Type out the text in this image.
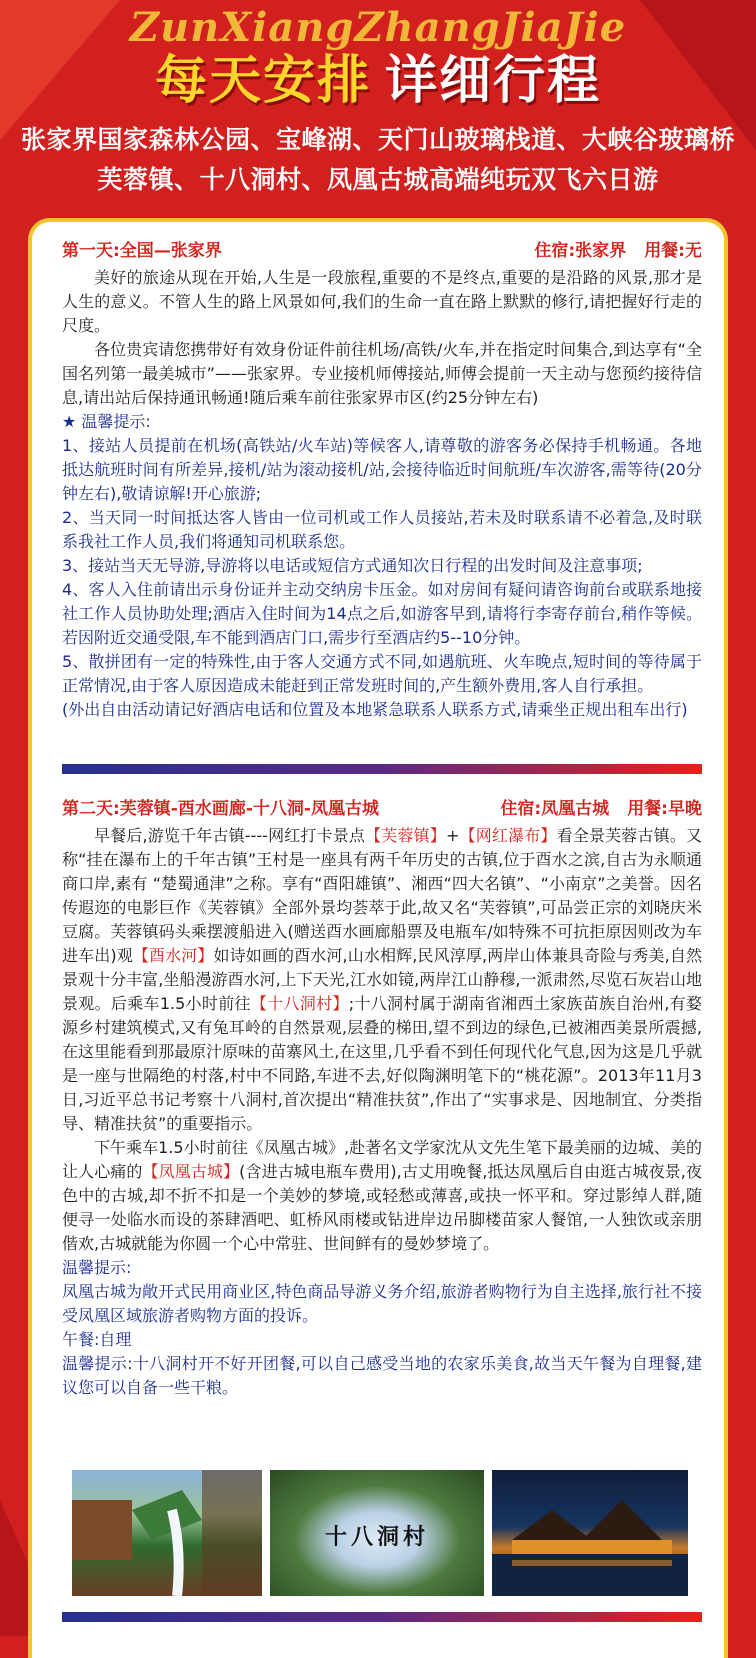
ZunXiangZhangJiaJie
每天安排 详细行程
张家界国家森林公园、宝峰湖、天门山玻璃栈道、大峡谷玻璃桥
芙蓉镇、十八洞村、凤凰古城高端纯玩双飞六日游
第一天:全国—张家界	住宿:张家界 用餐:无

美好的旅途从现在开始,人生是一段旅程,重要的不是终点,重要的是沿路的风景,那才是人生的意义。不管人生的路上风景如何,我们的生命一直在路上默默的修行,请把握好行走的尺度。

各位贵宾请您携带好有效身份证件前往机场/高铁/火车,并在指定时间集合,到达享有“全国名列第一最美城市”——张家界。专业接机师傅接站,师傅会提前一天主动与您预约接待信息,请出站后保持通讯畅通!随后乘车前往张家界市区(约25分钟左右)

★ 温馨提示:

1、接站人员提前在机场(高铁站/火车站)等候客人,请尊敬的游客务必保持手机畅通。各地抵达航班时间有所差异,接机/站为滚动接机/站,会接待临近时间航班/车次游客,需等待(20分钟左右),敬请谅解!开心旅游;

2、当天同一时间抵达客人皆由一位司机或工作人员接站,若未及时联系请不必着急,及时联系我社工作人员,我们将通知司机联系您。

3、接站当天无导游,导游将以电话或短信方式通知次日行程的出发时间及注意事项;

4、客人入住前请出示身份证并主动交纳房卡压金。如对房间有疑问请咨询前台或联系地接社工作人员协助处理;酒店入住时间为14点之后,如游客早到,请将行李寄存前台,稍作等候。若因附近交通受限,车不能到酒店门口,需步行至酒店约5--10分钟。

5、散拼团有一定的特殊性,由于客人交通方式不同,如遇航班、火车晚点,短时间的等待属于正常情况,由于客人原因造成未能赶到正常发班时间的,产生额外费用,客人自行承担。

(外出自由活动请记好酒店电话和位置及本地紧急联系人联系方式,请乘坐正规出租车出行)

第二天:芙蓉镇-酉水画廊-十八洞-凤凰古城	住宿:凤凰古城 用餐:早晚

早餐后,游览千年古镇----网红打卡景点【芙蓉镇】+【网红瀑布】看全景芙蓉古镇。又称“挂在瀑布上的千年古镇”王村是一座具有两千年历史的古镇,位于酉水之滨,自古为永顺通商口岸,素有 “楚蜀通津”之称。享有“酉阳雄镇”、湘西“四大名镇”、“小南京”之美誉。因名传遐迩的电影巨作《芙蓉镇》全部外景均荟萃于此,故又名“芙蓉镇”,可品尝正宗的刘晓庆米豆腐。芙蓉镇码头乘摆渡船进入(赠送酉水画廊船票及电瓶车/如特殊不可抗拒原因则改为车进车出)观【酉水河】如诗如画的酉水河,山水相辉,民风淳厚,两岸山体兼具奇险与秀美,自然景观十分丰富,坐船漫游酉水河,上下天光,江水如镜,两岸江山静穆,一派肃然,尽览石灰岩山地景观。后乘车1.5小时前往【十八洞村】;十八洞村属于湖南省湘西土家族苗族自治州,有婺源乡村建筑模式,又有兔耳岭的自然景观,层叠的梯田,望不到边的绿色,已被湘西美景所震撼,在这里能看到那最原汁原味的苗寨风土,在这里,几乎看不到任何现代化气息,因为这是几乎就是一座与世隔绝的村落,村中不同路,车进不去,好似陶渊明笔下的“桃花源”。2013年11月3日,习近平总书记考察十八洞村,首次提出“精准扶贫”,作出了“实事求是、因地制宜、分类指导、精准扶贫”的重要指示。

下午乘车1.5小时前往《凤凰古城》,赴著名文学家沈从文先生笔下最美丽的边城、美的让人心痛的【凤凰古城】(含进古城电瓶车费用),古丈用晚餐,抵达凤凰后自由逛古城夜景,夜色中的古城,却不折不扣是一个美妙的梦境,或轻愁或薄喜,或抉一怀平和。穿过影绰人群,随便寻一处临水而设的茶肆酒吧、虹桥风雨楼或钻进岸边吊脚楼苗家人餐馆,一人独饮或亲朋偕欢,古城就能为你圆一个心中常驻、世间鲜有的曼妙梦境了。

温馨提示:

凤凰古城为敞开式民用商业区,特色商品导游义务介绍,旅游者购物行为自主选择,旅行社不接受凤凰区域旅游者购物方面的投诉。

午餐:自理

温馨提示:十八洞村开不好开团餐,可以自己感受当地的农家乐美食,故当天午餐为自理餐,建议您可以自备一些干粮。

十八洞村
